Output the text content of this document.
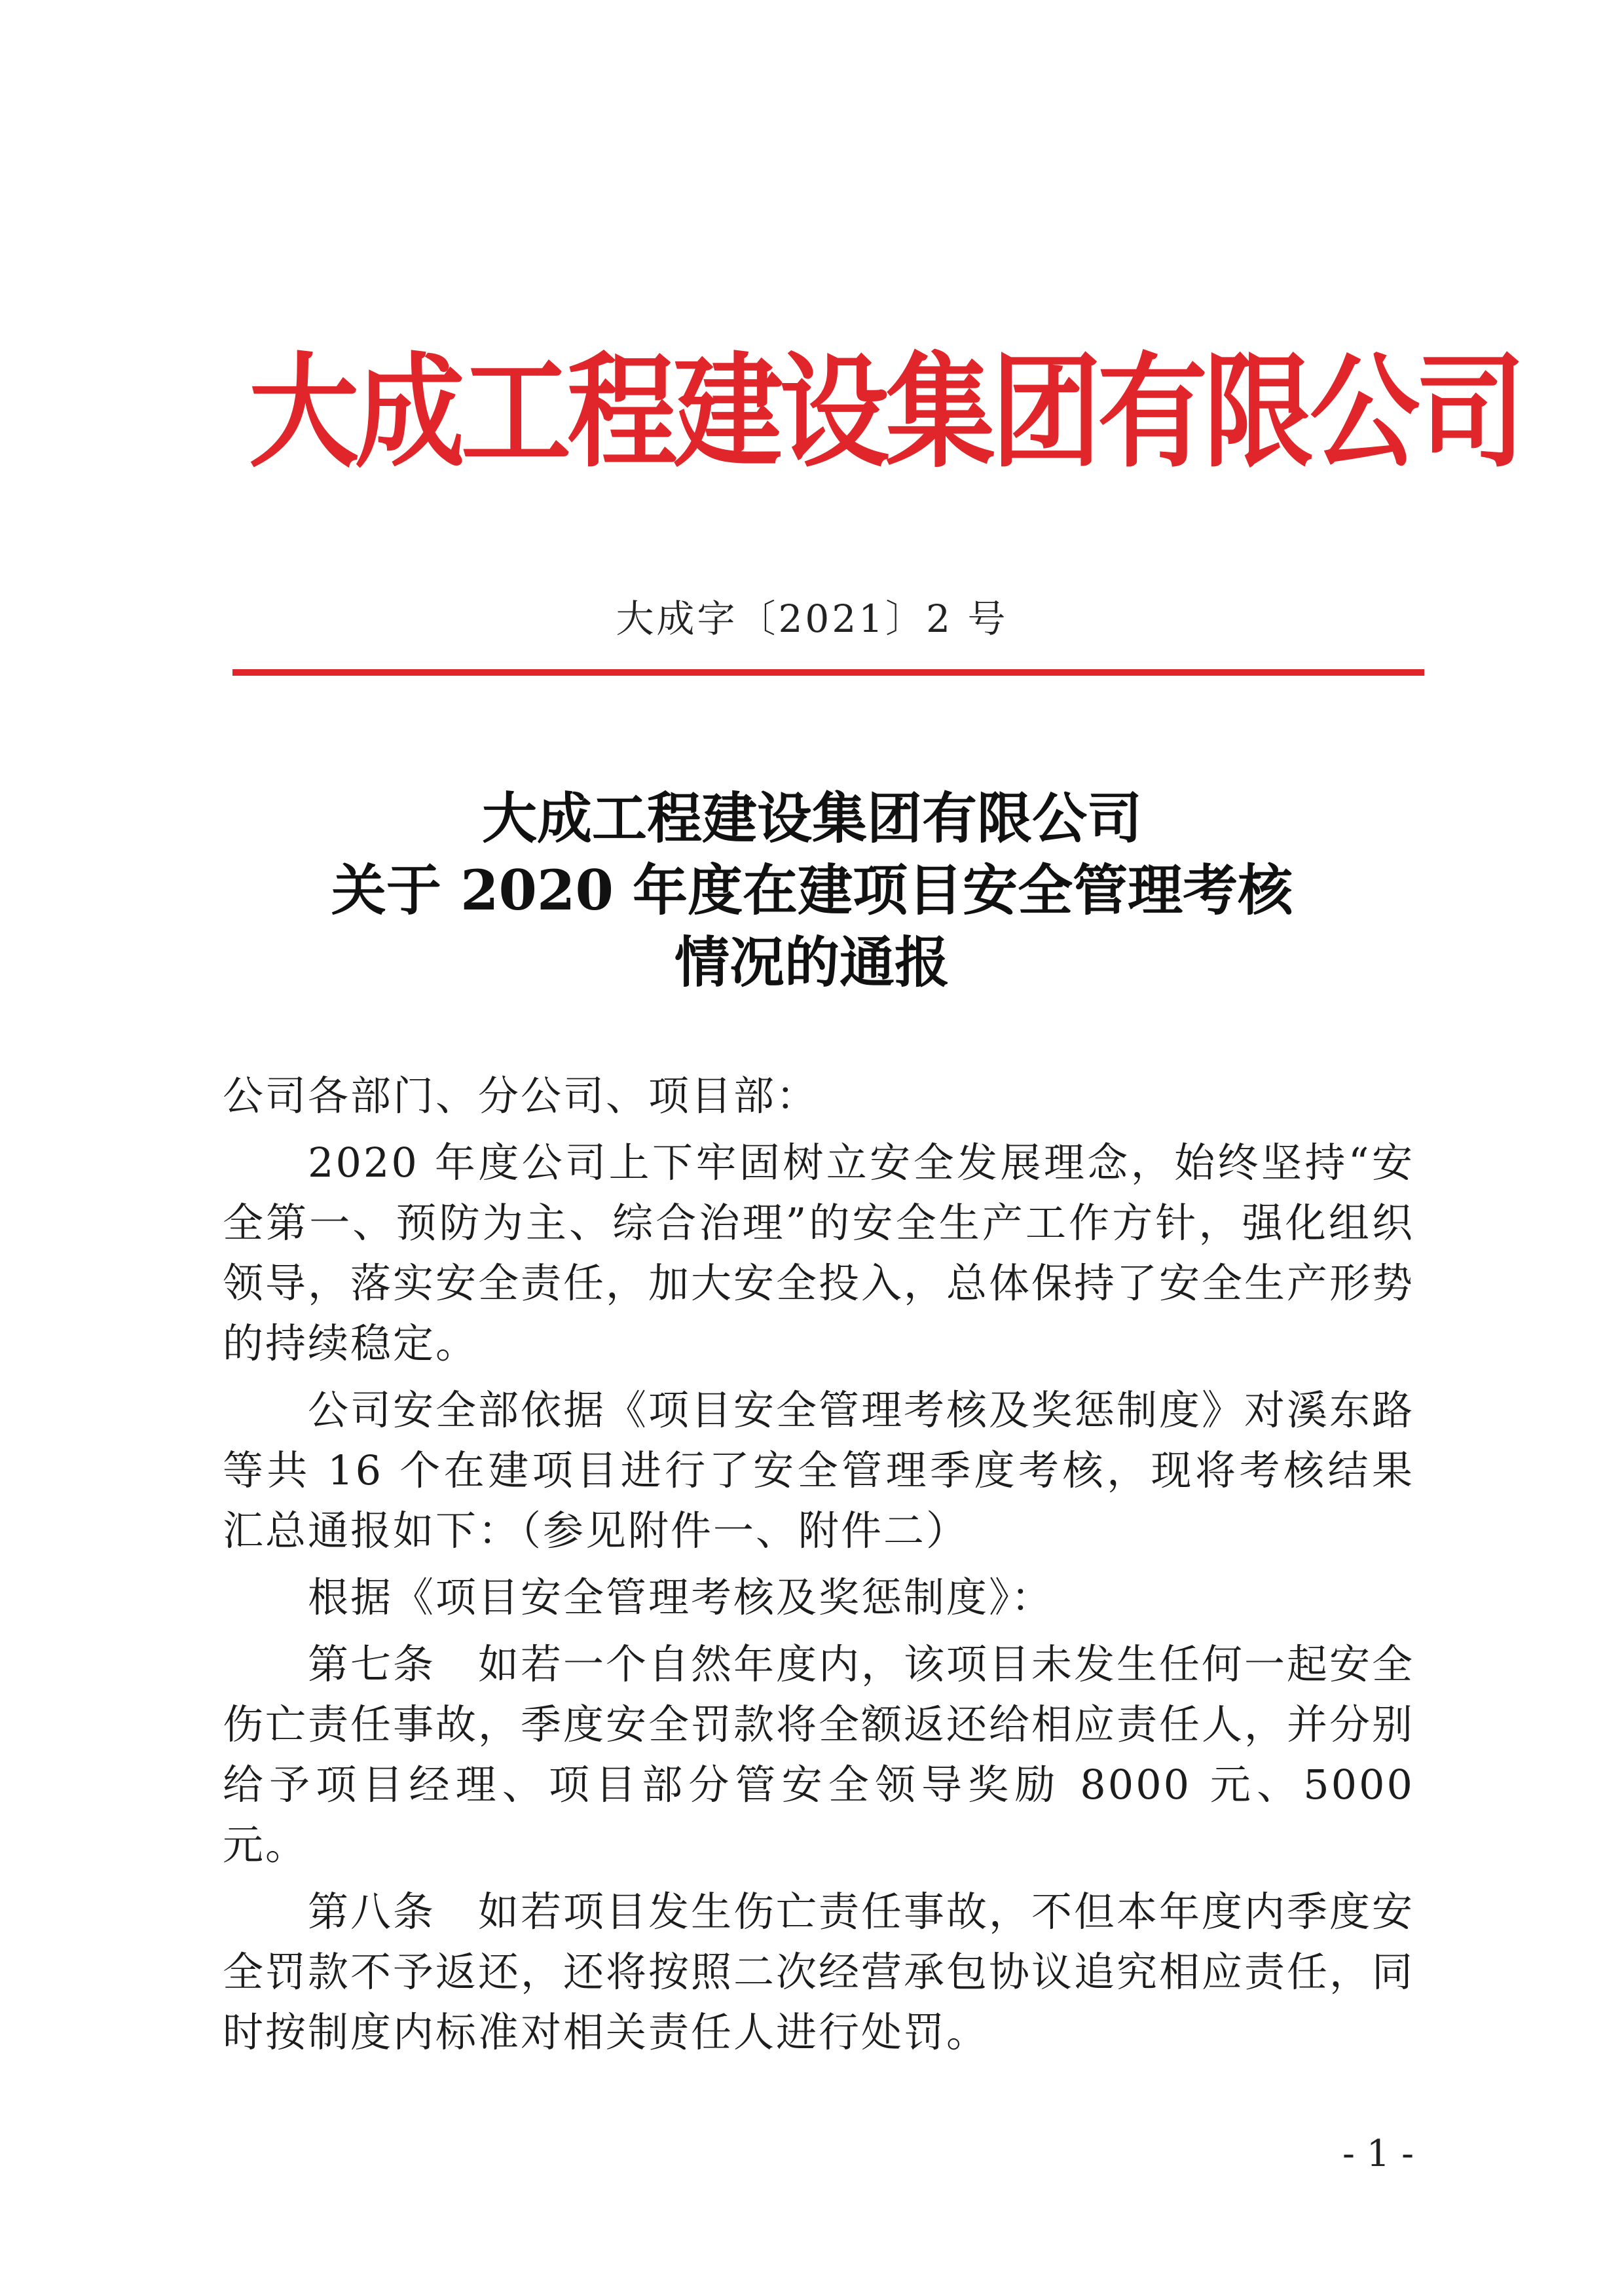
大成工程建设集团有限公司
大成字〔2021〕2 号
大成工程建设集团有限公司
关于 2020 年度在建项目安全管理考核
情况的通报
公司各部门、分公司、项目部：

2020 年度公司上下牢固树立安全发展理念，始终坚持“安全第一、预防为主、综合治理”的安全生产工作方针，强化组织领导，落实安全责任，加大安全投入，总体保持了安全生产形势的持续稳定。

公司安全部依据《项目安全管理考核及奖惩制度》对溪东路等共 16 个在建项目进行了安全管理季度考核，现将考核结果汇总通报如下：（参见附件一、附件二）

根据《项目安全管理考核及奖惩制度》：

第七条　如若一个自然年度内，该项目未发生任何一起安全伤亡责任事故，季度安全罚款将全额返还给相应责任人，并分别给予项目经理、项目部分管安全领导奖励 8000 元、5000 元。

第八条　如若项目发生伤亡责任事故，不但本年度内季度安全罚款不予返还，还将按照二次经营承包协议追究相应责任，同时按制度内标准对相关责任人进行处罚。

- 1 -
